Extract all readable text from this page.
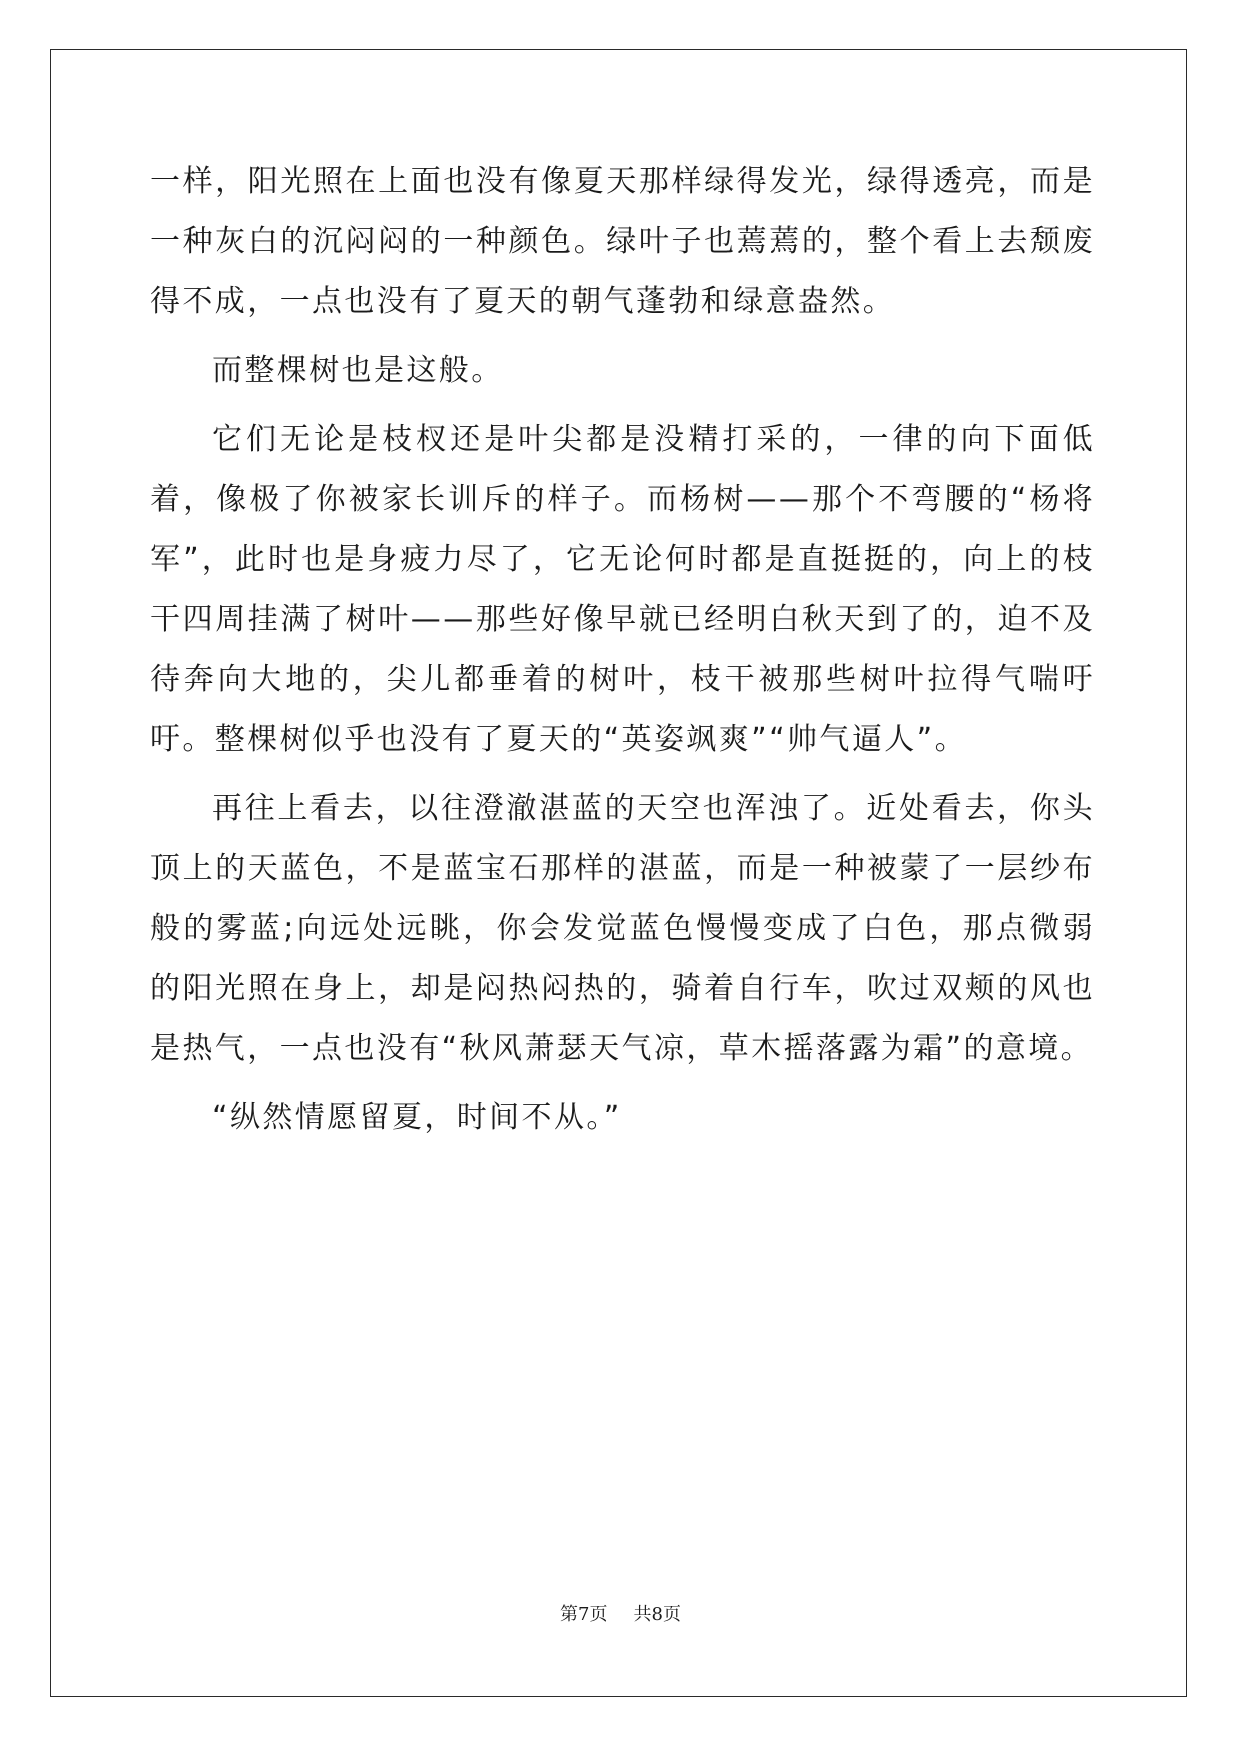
一样，阳光照在上面也没有像夏天那样绿得发光，绿得透亮，而是一种灰白的沉闷闷的一种颜色。绿叶子也蔫蔫的，整个看上去颓废得不成，一点也没有了夏天的朝气蓬勃和绿意盎然。

而整棵树也是这般。

它们无论是枝杈还是叶尖都是没精打采的，一律的向下面低着，像极了你被家长训斥的样子。而杨树——那个不弯腰的“杨将军”，此时也是身疲力尽了，它无论何时都是直挺挺的，向上的枝干四周挂满了树叶——那些好像早就已经明白秋天到了的，迫不及待奔向大地的，尖儿都垂着的树叶，枝干被那些树叶拉得气喘吁吁。整棵树似乎也没有了夏天的“英姿飒爽”“帅气逼人”。

再往上看去，以往澄澈湛蓝的天空也浑浊了。近处看去，你头顶上的天蓝色，不是蓝宝石那样的湛蓝，而是一种被蒙了一层纱布般的雾蓝;向远处远眺，你会发觉蓝色慢慢变成了白色，那点微弱的阳光照在身上，却是闷热闷热的，骑着自行车，吹过双颊的风也是热气，一点也没有“秋风萧瑟天气凉，草木摇落露为霜”的意境。

“纵然情愿留夏，时间不从。”

第7页 共8页
